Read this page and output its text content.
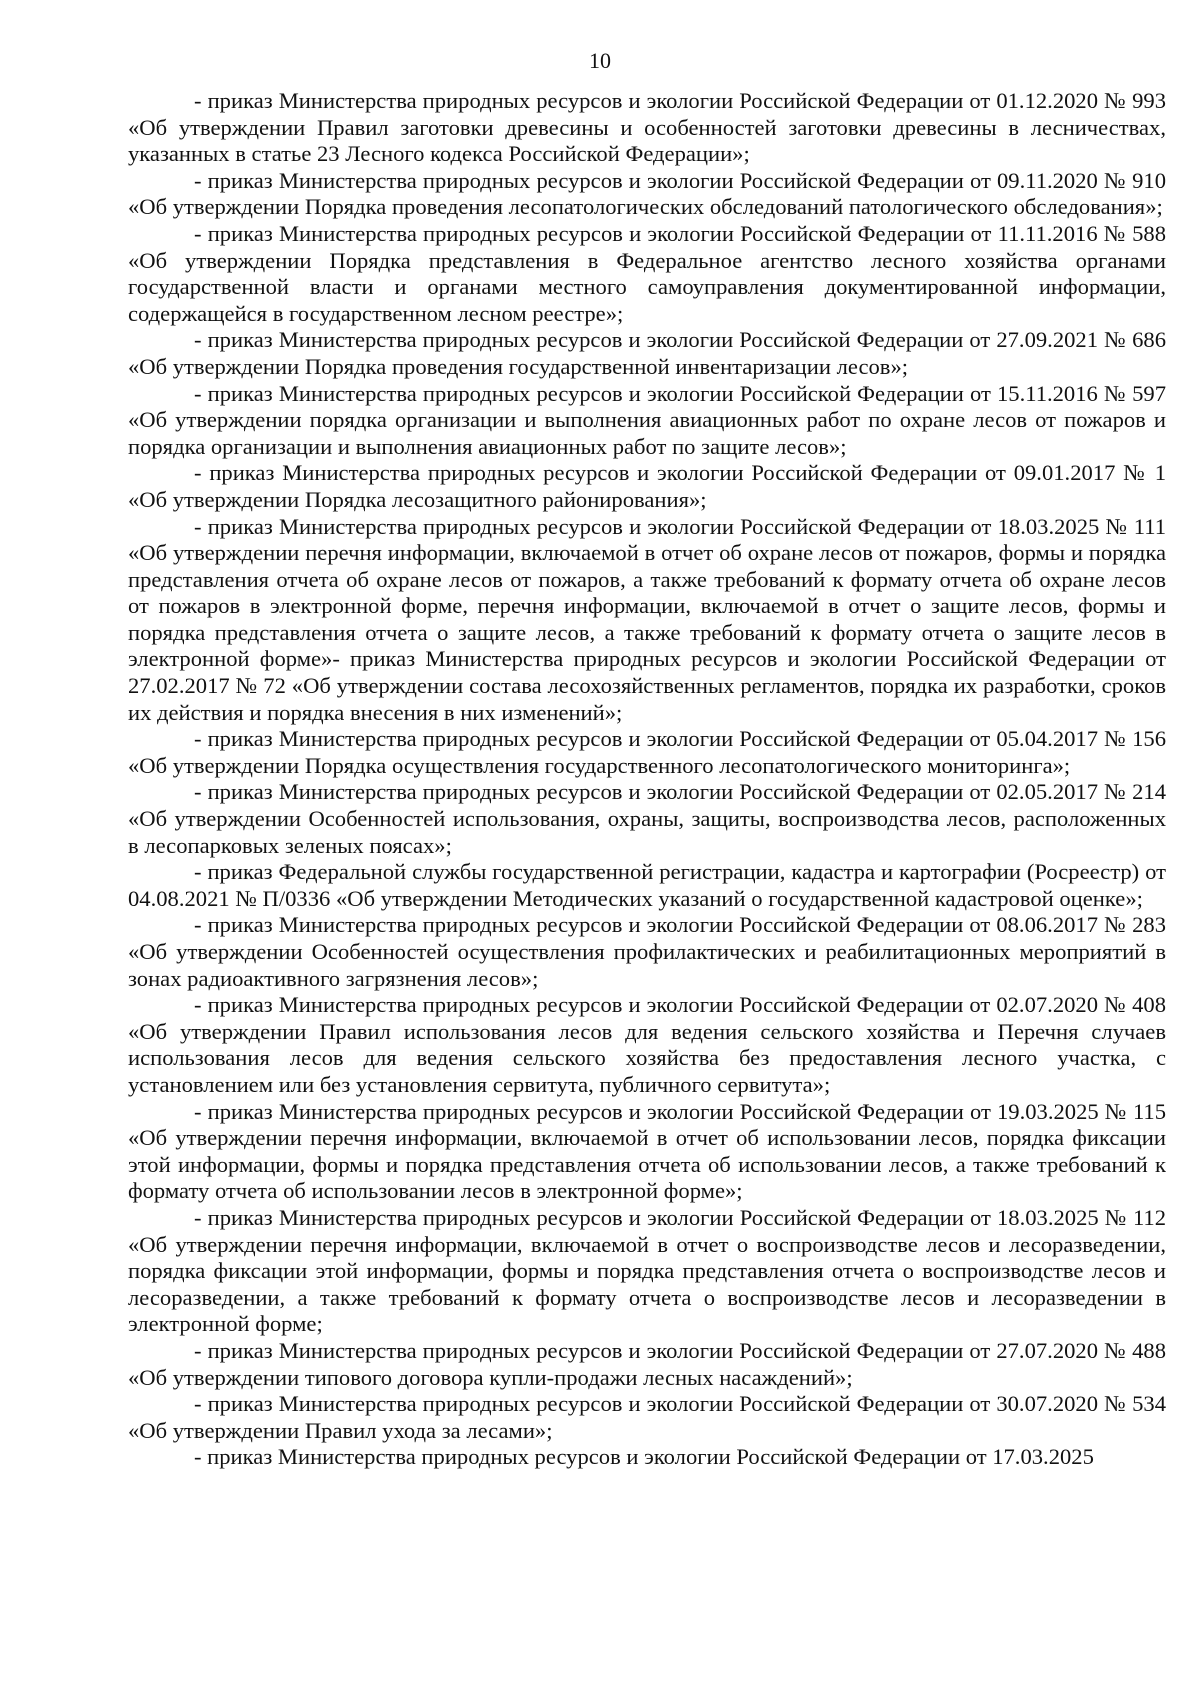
10

- приказ Министерства природных ресурсов и экологии Российской Федерации от 01.12.2020 № 993 «Об утверждении Правил заготовки древесины и особенностей заготовки древесины в лесничествах, указанных в статье 23 Лесного кодекса Российской Федерации»;

- приказ Министерства природных ресурсов и экологии Российской Федерации от 09.11.2020 № 910 «Об утверждении Порядка проведения лесопатологических обследований патологического обследования»;

- приказ Министерства природных ресурсов и экологии Российской Федерации от 11.11.2016 № 588 «Об утверждении Порядка представления в Федеральное агентство лесного хозяйства органами государственной власти и органами местного самоуправления документированной информации, содержащейся в государственном лесном реестре»;

- приказ Министерства природных ресурсов и экологии Российской Федерации от 27.09.2021 № 686 «Об утверждении Порядка проведения государственной инвентаризации лесов»;

- приказ Министерства природных ресурсов и экологии Российской Федерации от 15.11.2016 № 597 «Об утверждении порядка организации и выполнения авиационных работ по охране лесов от пожаров и порядка организации и выполнения авиационных работ по защите лесов»;

- приказ Министерства природных ресурсов и экологии Российской Федерации от 09.01.2017 № 1 «Об утверждении Порядка лесозащитного районирования»;

- приказ Министерства природных ресурсов и экологии Российской Федерации от 18.03.2025 № 111 «Об утверждении перечня информации, включаемой в отчет об охране лесов от пожаров, формы и порядка представления отчета об охране лесов от пожаров, а также требований к формату отчета об охране лесов от пожаров в электронной форме, перечня информации, включаемой в отчет о защите лесов, формы и порядка представления отчета о защите лесов, а также требований к формату отчета о защите лесов в электронной форме»- приказ Министерства природных ресурсов и экологии Российской Федерации от 27.02.2017 № 72 «Об утверждении состава лесохозяйственных регламентов, порядка их разработки, сроков их действия и порядка внесения в них изменений»;

- приказ Министерства природных ресурсов и экологии Российской Федерации от 05.04.2017 № 156 «Об утверждении Порядка осуществления государственного лесопатологического мониторинга»;

- приказ Министерства природных ресурсов и экологии Российской Федерации от 02.05.2017 № 214 «Об утверждении Особенностей использования, охраны, защиты, воспроизводства лесов, расположенных в лесопарковых зеленых поясах»;

- приказ Федеральной службы государственной регистрации, кадастра и картографии (Росреестр) от 04.08.2021 № П/0336 «Об утверждении Методических указаний о государственной кадастровой оценке»;

- приказ Министерства природных ресурсов и экологии Российской Федерации от 08.06.2017 № 283 «Об утверждении Особенностей осуществления профилактических и реабилитационных мероприятий в зонах радиоактивного загрязнения лесов»;

- приказ Министерства природных ресурсов и экологии Российской Федерации от 02.07.2020 № 408 «Об утверждении Правил использования лесов для ведения сельского хозяйства и Перечня случаев использования лесов для ведения сельского хозяйства без предоставления лесного участка, с установлением или без установления сервитута, публичного сервитута»;

- приказ Министерства природных ресурсов и экологии Российской Федерации от 19.03.2025 № 115 «Об утверждении перечня информации, включаемой в отчет об использовании лесов, порядка фиксации этой информации, формы и порядка представления отчета об использовании лесов, а также требований к формату отчета об использовании лесов в электронной форме»;

- приказ Министерства природных ресурсов и экологии Российской Федерации от 18.03.2025 № 112 «Об утверждении перечня информации, включаемой в отчет о воспроизводстве лесов и лесоразведении, порядка фиксации этой информации, формы и порядка представления отчета о воспроизводстве лесов и лесоразведении, а также требований к формату отчета о воспроизводстве лесов и лесоразведении в электронной форме;

- приказ Министерства природных ресурсов и экологии Российской Федерации от 27.07.2020 № 488 «Об утверждении типового договора купли-продажи лесных насаждений»;

- приказ Министерства природных ресурсов и экологии Российской Федерации от 30.07.2020 № 534 «Об утверждении Правил ухода за лесами»;

- приказ Министерства природных ресурсов и экологии Российской Федерации от 17.03.2025
